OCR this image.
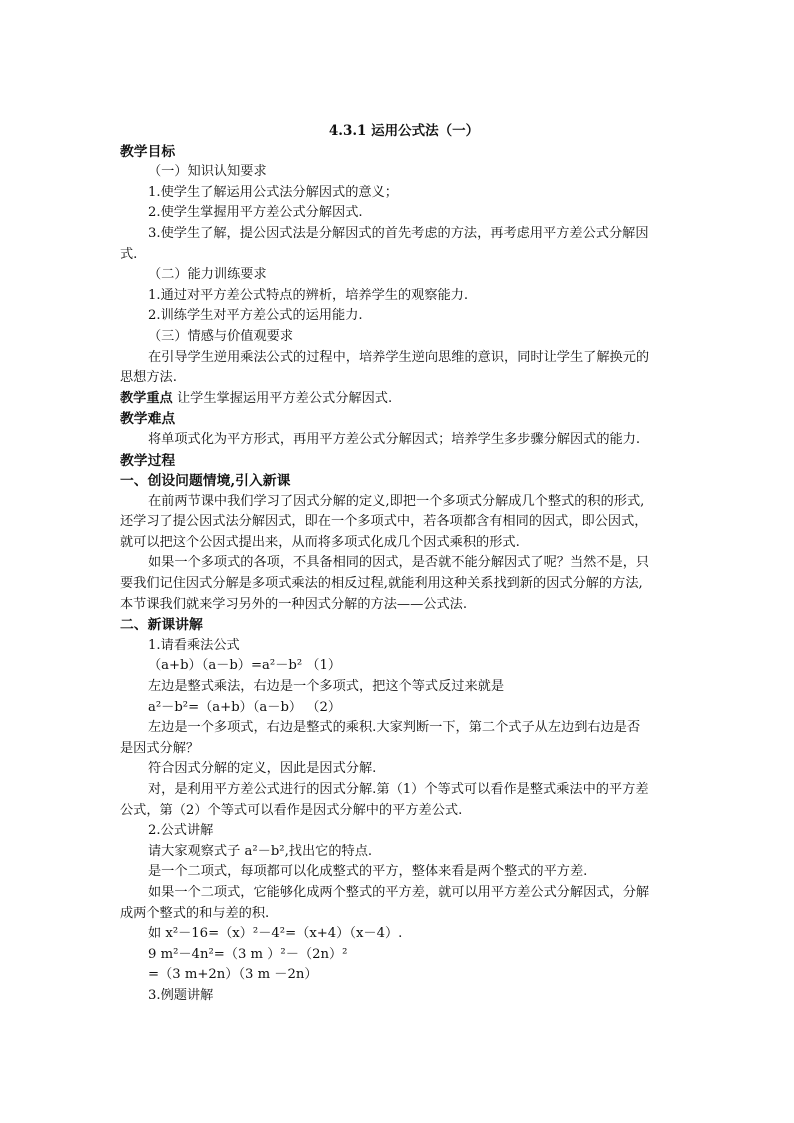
4.3.1 运用公式法（一）
教学目标
（一）知识认知要求
1.使学生了解运用公式法分解因式的意义；
2.使学生掌握用平方差公式分解因式.
3.使学生了解，提公因式法是分解因式的首先考虑的方法，再考虑用平方差公式分解因
式.
（二）能力训练要求
1.通过对平方差公式特点的辨析，培养学生的观察能力.
2.训练学生对平方差公式的运用能力.
（三）情感与价值观要求
在引导学生逆用乘法公式的过程中，培养学生逆向思维的意识，同时让学生了解换元的
思想方法.
教学重点 让学生掌握运用平方差公式分解因式.
教学难点
将单项式化为平方形式，再用平方差公式分解因式；培养学生多步骤分解因式的能力.
教学过程
一、创设问题情境,引入新课
在前两节课中我们学习了因式分解的定义,即把一个多项式分解成几个整式的积的形式,
还学习了提公因式法分解因式，即在一个多项式中，若各项都含有相同的因式，即公因式，
就可以把这个公因式提出来，从而将多项式化成几个因式乘积的形式.
如果一个多项式的各项，不具备相同的因式，是否就不能分解因式了呢？当然不是，只
要我们记住因式分解是多项式乘法的相反过程,就能利用这种关系找到新的因式分解的方法,
本节课我们就来学习另外的一种因式分解的方法——公式法.
二、新课讲解
1.请看乘法公式
（a+b）（a－b）=a²－b² （1）
左边是整式乘法，右边是一个多项式，把这个等式反过来就是
a²－b²=（a+b）（a－b） （2）
左边是一个多项式，右边是整式的乘积.大家判断一下，第二个式子从左边到右边是否
是因式分解？
符合因式分解的定义，因此是因式分解.
对，是利用平方差公式进行的因式分解.第（1）个等式可以看作是整式乘法中的平方差
公式，第（2）个等式可以看作是因式分解中的平方差公式.
2.公式讲解
请大家观察式子 a²－b²,找出它的特点.
是一个二项式，每项都可以化成整式的平方，整体来看是两个整式的平方差.
如果一个二项式，它能够化成两个整式的平方差，就可以用平方差公式分解因式，分解
成两个整式的和与差的积.
如 x²－16=（x）²－4²=（x+4）（x－4）.
9 m²－4n²=（3 m ）²－（2n）²
=（3 m+2n）（3 m －2n）
3.例题讲解
